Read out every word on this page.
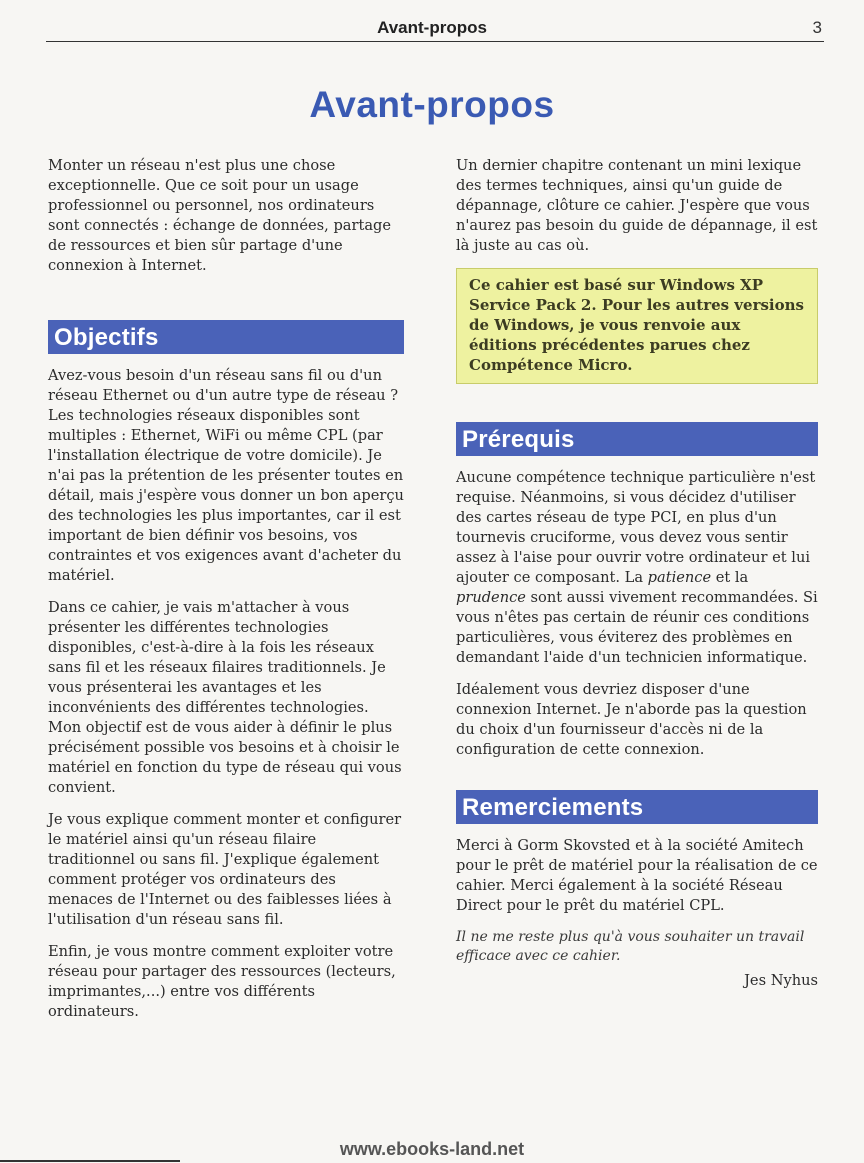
Avant-propos	3
Avant-propos

Monter un réseau n'est plus une chose exceptionnelle. Que ce soit pour un usage professionnel ou personnel, nos ordinateurs sont connectés : échange de données, partage de ressources et bien sûr partage d'une connexion à Internet.

Objectifs

Avez-vous besoin d'un réseau sans fil ou d'un réseau Ethernet ou d'un autre type de réseau ? Les technologies réseaux disponibles sont multiples : Ethernet, WiFi ou même CPL (par l'installation électrique de votre domicile). Je n'ai pas la prétention de les présenter toutes en détail, mais j'espère vous donner un bon aperçu des technologies les plus importantes, car il est important de bien définir vos besoins, vos contraintes et vos exigences avant d'acheter du matériel.

Dans ce cahier, je vais m'attacher à vous présenter les différentes technologies disponibles, c'est-à-dire à la fois les réseaux sans fil et les réseaux filaires traditionnels. Je vous présenterai les avantages et les inconvénients des différentes technologies. Mon objectif est de vous aider à définir le plus précisément possible vos besoins et à choisir le matériel en fonction du type de réseau qui vous convient.

Je vous explique comment monter et configurer le matériel ainsi qu'un réseau filaire traditionnel ou sans fil. J'explique également comment protéger vos ordinateurs des menaces de l'Internet ou des faiblesses liées à l'utilisation d'un réseau sans fil.

Enfin, je vous montre comment exploiter votre réseau pour partager des ressources (lecteurs, imprimantes,...) entre vos différents ordinateurs.

Un dernier chapitre contenant un mini lexique des termes techniques, ainsi qu'un guide de dépannage, clôture ce cahier. J'espère que vous n'aurez pas besoin du guide de dépannage, il est là juste au cas où.

Ce cahier est basé sur Windows XP Service Pack 2. Pour les autres versions de Windows, je vous renvoie aux éditions précédentes parues chez Compétence Micro.
Prérequis

Aucune compétence technique particulière n'est requise. Néanmoins, si vous décidez d'utiliser des cartes réseau de type PCI, en plus d'un tournevis cruciforme, vous devez vous sentir assez à l'aise pour ouvrir votre ordinateur et lui ajouter ce composant. La patience et la prudence sont aussi vivement recommandées. Si vous n'êtes pas certain de réunir ces conditions particulières, vous éviterez des problèmes en demandant l'aide d'un technicien informatique.

Idéalement vous devriez disposer d'une connexion Internet. Je n'aborde pas la question du choix d'un fournisseur d'accès ni de la configuration de cette connexion.

Remerciements

Merci à Gorm Skovsted et à la société Amitech pour le prêt de matériel pour la réalisation de ce cahier. Merci également à la société Réseau Direct pour le prêt du matériel CPL.

Il ne me reste plus qu'à vous souhaiter un travail efficace avec ce cahier.
Jes Nyhus
www.ebooks-land.net
